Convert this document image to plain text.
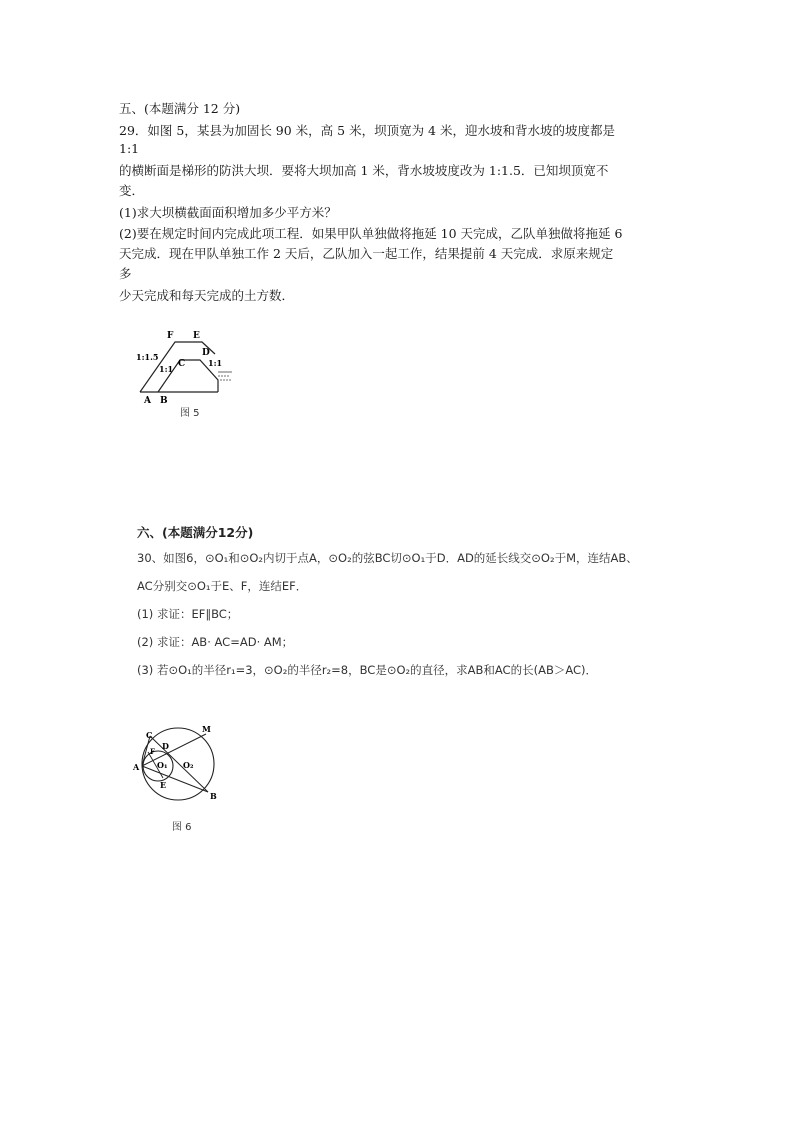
五、(本题满分 12 分)
29．如图 5，某县为加固长 90 米，高 5 米，坝顶宽为 4 米，迎水坡和背水坡的坡度都是
1:1
的横断面是梯形的防洪大坝．要将大坝加高 1 米，背水坡坡度改为 1:1.5．已知坝顶宽不
变．
(1)求大坝横截面面积增加多少平方米？
(2)要在规定时间内完成此项工程．如果甲队单独做将拖延 10 天完成，乙队单独做将拖延 6
天完成．现在甲队单独工作 2 天后，乙队加入一起工作，结果提前 4 天完成．求原来规定
多
少天完成和每天完成的土方数．
F E
D
C
A B
1:1.5
1:1
1:1
图 5
六、(本题满分12分)
30、如图6，⊙O₁和⊙O₂内切于点A，⊙O₂的弦BC切⊙O₁于D．AD的延长线交⊙O₂于M，连结AB、
AC分别交⊙O₁于E、F，连结EF．
(1) 求证：EF∥BC；
(2) 求证：AB· AC=AD· AM；
(3) 若⊙O₁的半径r₁=3，⊙O₂的半径r₂=8，BC是⊙O₂的直径，求AB和AC的长(AB＞AC)．
C
M
D
A O₁ O₂
E
B
F
图 6
